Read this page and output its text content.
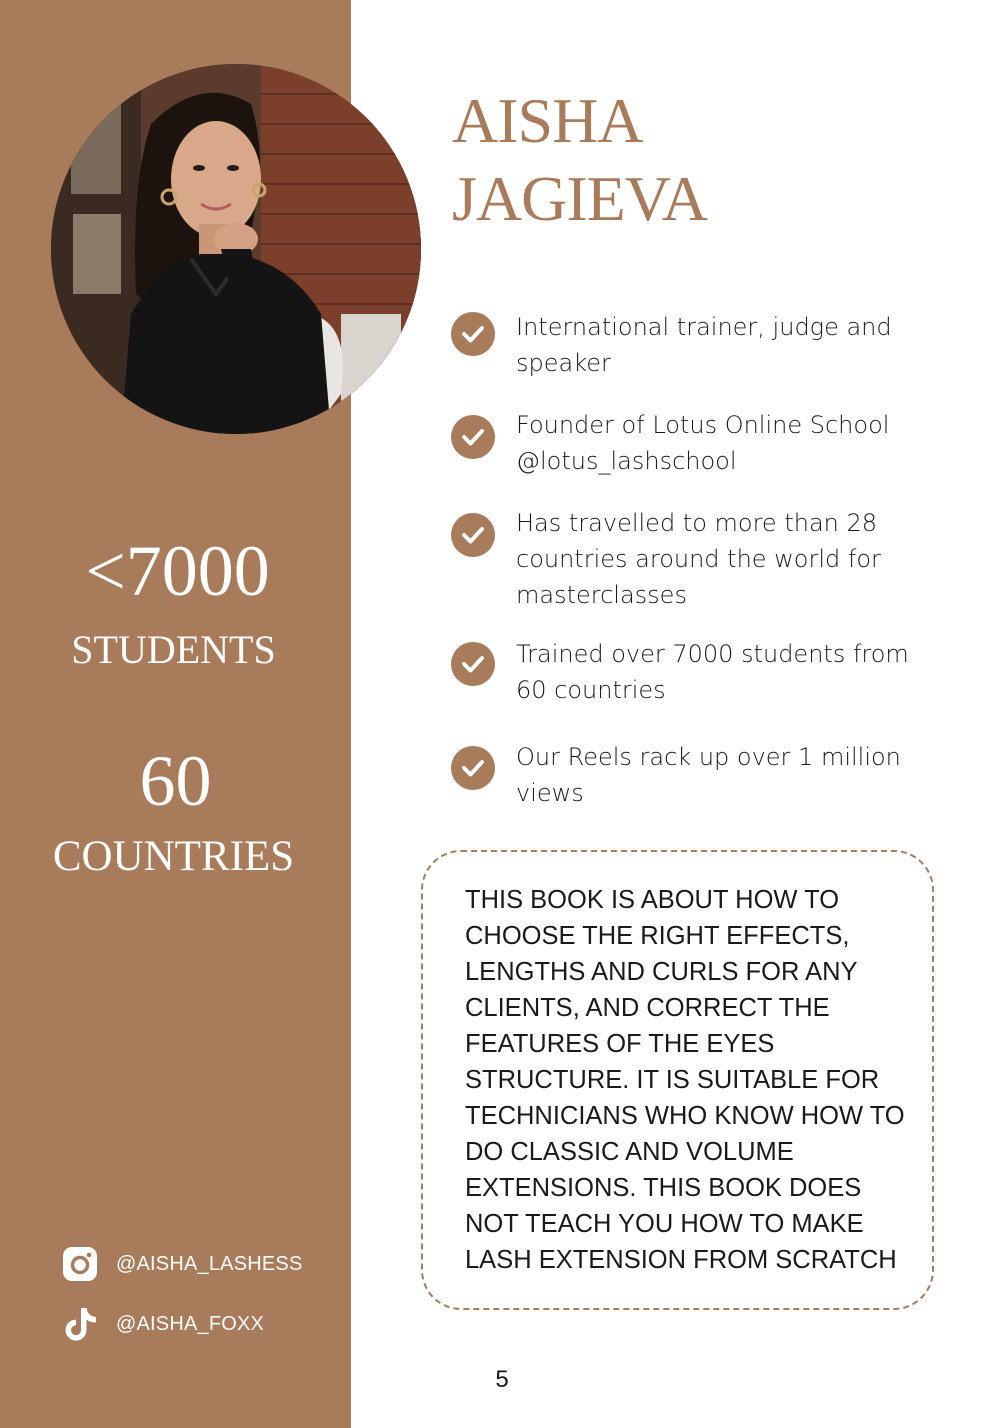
<7000
STUDENTS
60
COUNTRIES
@AISHA_LASHESS
@AISHA_FOXX
AISHA
JAGIEVA
International trainer, judge and speaker
Founder of Lotus Online School @lotus_lashschool
Has travelled to more than 28 countries around the world for masterclasses
Trained over 7000 students from 60 countries
Our Reels rack up over 1 million views
THIS BOOK IS ABOUT HOW TO CHOOSE THE RIGHT EFFECTS, LENGTHS AND CURLS FOR ANY CLIENTS, AND CORRECT THE FEATURES OF THE EYES STRUCTURE. IT IS SUITABLE FOR TECHNICIANS WHO KNOW HOW TO DO CLASSIC AND VOLUME EXTENSIONS. THIS BOOK DOES NOT TEACH YOU HOW TO MAKE LASH EXTENSION FROM SCRATCH
5
